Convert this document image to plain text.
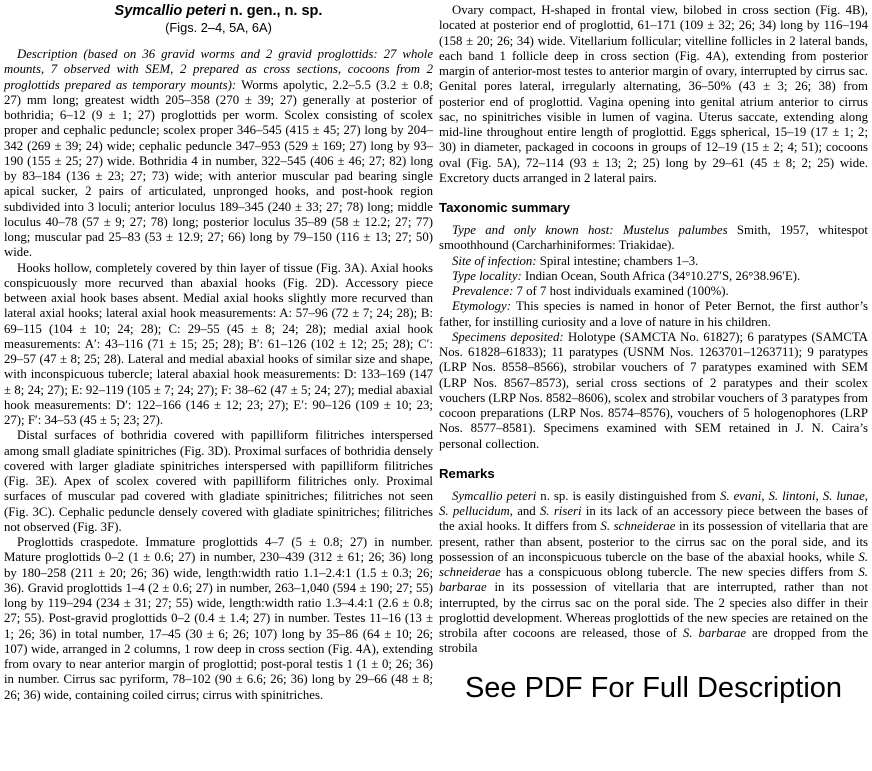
Symcallio peteri n. gen., n. sp.
(Figs. 2–4, 5A, 6A)

Description (based on 36 gravid worms and 2 gravid proglottids: 27 whole mounts, 7 observed with SEM, 2 prepared as cross sections, cocoons from 2 proglottids prepared as temporary mounts): Worms apolytic, 2.2–5.5 (3.2 ± 0.8; 27) mm long; greatest width 205–358 (270 ± 39; 27) generally at posterior of bothridia; 6–12 (9 ± 1; 27) proglottids per worm. Scolex consisting of scolex proper and cephalic peduncle; scolex proper 346–545 (415 ± 45; 27) long by 204–342 (269 ± 39; 24) wide; cephalic peduncle 347–953 (529 ± 169; 27) long by 93–190 (155 ± 25; 27) wide. Bothridia 4 in number, 322–545 (406 ± 46; 27; 82) long by 83–184 (136 ± 23; 27; 73) wide; with anterior muscular pad bearing single apical sucker, 2 pairs of articulated, unpronged hooks, and post-hook region subdivided into 3 loculi; anterior loculus 189–345 (240 ± 33; 27; 78) long; middle loculus 40–78 (57 ± 9; 27; 78) long; posterior loculus 35–89 (58 ± 12.2; 27; 77) long; muscular pad 25–83 (53 ± 12.9; 27; 66) long by 79–150 (116 ± 13; 27; 50) wide.

Hooks hollow, completely covered by thin layer of tissue (Fig. 3A). Axial hooks conspicuously more recurved than abaxial hooks (Fig. 2D). Accessory piece between axial hook bases absent. Medial axial hooks slightly more recurved than lateral axial hooks; lateral axial hook measurements: A: 57–96 (72 ± 7; 24; 28); B: 69–115 (104 ± 10; 24; 28); C: 29–55 (45 ± 8; 24; 28); medial axial hook measurements: A′: 43–116 (71 ± 15; 25; 28); B′: 61–126 (102 ± 12; 25; 28); C′: 29–57 (47 ± 8; 25; 28). Lateral and medial abaxial hooks of similar size and shape, with inconspicuous tubercle; lateral abaxial hook measurements: D: 133–169 (147 ± 8; 24; 27); E: 92–119 (105 ± 7; 24; 27); F: 38–62 (47 ± 5; 24; 27); medial abaxial hook measurements: D′: 122–166 (146 ± 12; 23; 27); E′: 90–126 (109 ± 10; 23; 27); F′: 34–53 (45 ± 5; 23; 27).

Distal surfaces of bothridia covered with papilliform filitriches interspersed among small gladiate spinitriches (Fig. 3D). Proximal surfaces of bothridia densely covered with larger gladiate spinitriches interspersed with papilliform filitriches (Fig. 3E). Apex of scolex covered with papilliform filitriches only. Proximal surfaces of muscular pad covered with gladiate spinitriches; filitriches not seen (Fig. 3C). Cephalic peduncle densely covered with gladiate spinitriches; filitriches not observed (Fig. 3F).

Proglottids craspedote. Immature proglottids 4–7 (5 ± 0.8; 27) in number. Mature proglottids 0–2 (1 ± 0.6; 27) in number, 230–439 (312 ± 61; 26; 36) long by 180–258 (211 ± 20; 26; 36) wide, length:width ratio 1.1–2.4:1 (1.5 ± 0.3; 26; 36). Gravid proglottids 1–4 (2 ± 0.6; 27) in number, 263–1,040 (594 ± 190; 27; 55) long by 119–294 (234 ± 31; 27; 55) wide, length:width ratio 1.3–4.4:1 (2.6 ± 0.8; 27; 55). Post-gravid proglottids 0–2 (0.4 ± 1.4; 27) in number. Testes 11–16 (13 ± 1; 26; 36) in total number, 17–45 (30 ± 6; 26; 107) long by 35–86 (64 ± 10; 26; 107) wide, arranged in 2 columns, 1 row deep in cross section (Fig. 4A), extending from ovary to near anterior margin of proglottid; post-poral testis 1 (1 ± 0; 26; 36) in number. Cirrus sac pyriform, 78–102 (90 ± 6.6; 26; 36) long by 29–66 (48 ± 8; 26; 36) wide, containing coiled cirrus; cirrus with spinitriches.

Ovary compact, H-shaped in frontal view, bilobed in cross section (Fig. 4B), located at posterior end of proglottid, 61–171 (109 ± 32; 26; 34) long by 116–194 (158 ± 20; 26; 34) wide. Vitellarium follicular; vitelline follicles in 2 lateral bands, each band 1 follicle deep in cross section (Fig. 4A), extending from posterior margin of anterior-most testes to anterior margin of ovary, interrupted by cirrus sac. Genital pores lateral, irregularly alternating, 36–50% (43 ± 3; 26; 38) from posterior end of proglottid. Vagina opening into genital atrium anterior to cirrus sac, no spinitriches visible in lumen of vagina. Uterus saccate, extending along mid-line throughout entire length of proglottid. Eggs spherical, 15–19 (17 ± 1; 2; 30) in diameter, packaged in cocoons in groups of 12–19 (15 ± 2; 4; 51); cocoons oval (Fig. 5A), 72–114 (93 ± 13; 2; 25) long by 29–61 (45 ± 8; 2; 25) wide. Excretory ducts arranged in 2 lateral pairs.

Taxonomic summary

Type and only known host: Mustelus palumbes Smith, 1957, whitespot smoothhound (Carcharhiniformes: Triakidae).

Site of infection: Spiral intestine; chambers 1–3.

Type locality: Indian Ocean, South Africa (34°10.27′S, 26°38.96′E).

Prevalence: 7 of 7 host individuals examined (100%).

Etymology: This species is named in honor of Peter Bernot, the first author’s father, for instilling curiosity and a love of nature in his children.

Specimens deposited: Holotype (SAMCTA No. 61827); 6 paratypes (SAMCTA Nos. 61828–61833); 11 paratypes (USNM Nos. 1263701–1263711); 9 paratypes (LRP Nos. 8558–8566), strobilar vouchers of 7 paratypes examined with SEM (LRP Nos. 8567–8573), serial cross sections of 2 paratypes and their scolex vouchers (LRP Nos. 8582–8606), scolex and strobilar vouchers of 3 paratypes from cocoon preparations (LRP Nos. 8574–8576), vouchers of 5 hologenophores (LRP Nos. 8577–8581). Specimens examined with SEM retained in J. N. Caira’s personal collection.

Remarks

Symcallio peteri n. sp. is easily distinguished from S. evani, S. lintoni, S. lunae, S. pellucidum, and S. riseri in its lack of an accessory piece between the bases of the axial hooks. It differs from S. schneiderae in its possession of vitellaria that are present, rather than absent, posterior to the cirrus sac on the poral side, and its possession of an inconspicuous tubercle on the base of the abaxial hooks, while S. schneiderae has a conspicuous oblong tubercle. The new species differs from S. barbarae in its possession of vitellaria that are interrupted, rather than not interrupted, by the cirrus sac on the poral side. The 2 species also differ in their proglottid development. Whereas proglottids of the new species are retained on the strobila after cocoons are released, those of S. barbarae are dropped from the strobila

See PDF For Full Description
